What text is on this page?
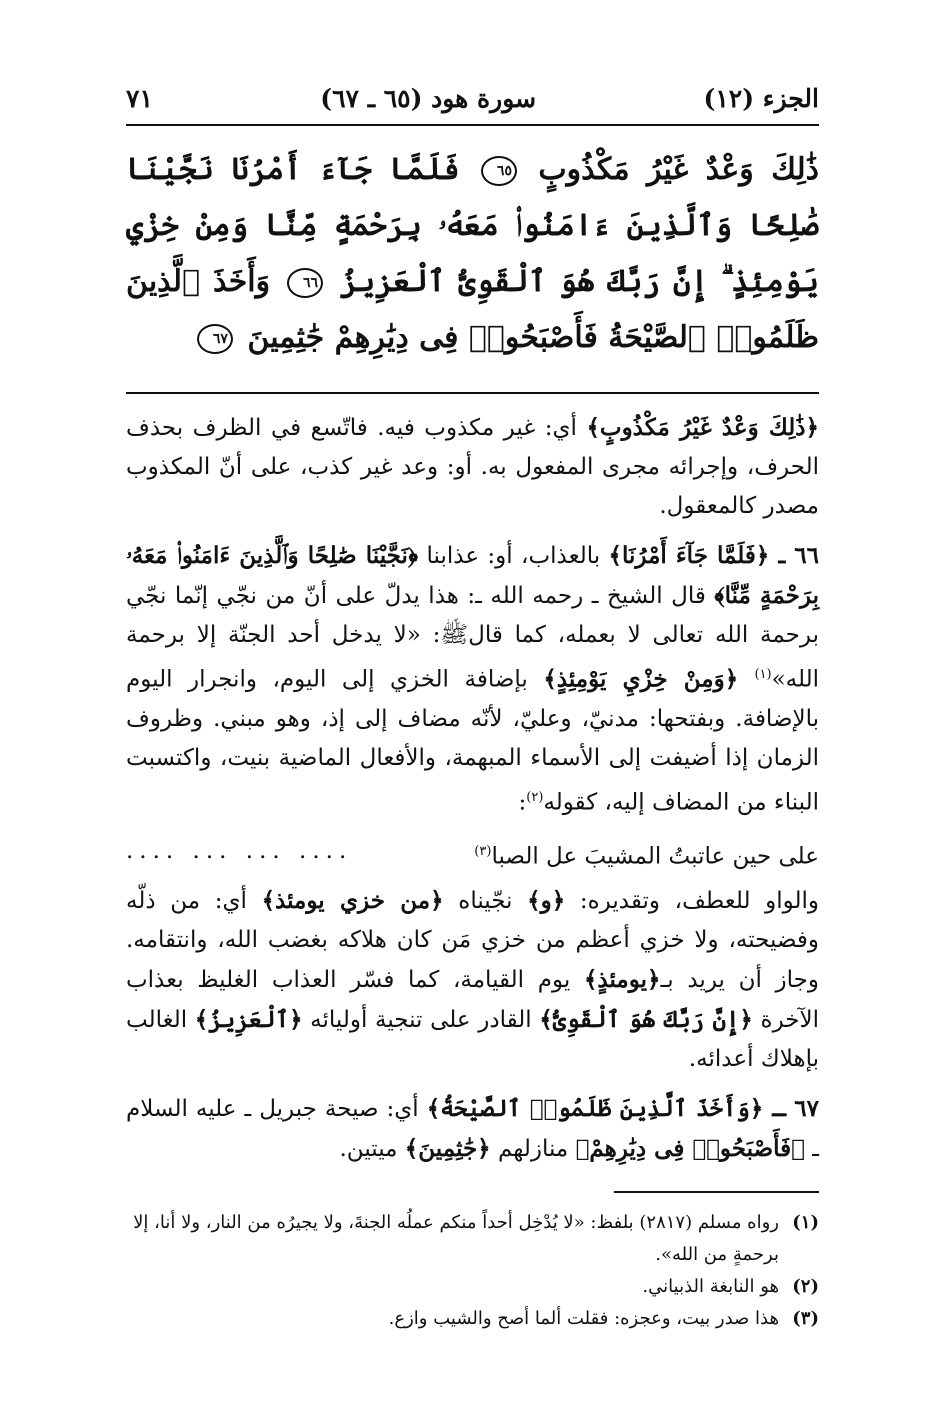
الجزء (١٢)
سورة هود (٦٥ ـ ٦٧)
٧١
ذَٰلِكَ وَعْدٌ غَيْرُ مَكْذُوبٍ ٦٥ فَلَمَّا جَآءَ أَمْرُنَا نَجَّيْنَا صَٰلِحًا وَٱلَّذِينَ ءَامَنُوا۟ مَعَهُۥ بِرَحْمَةٍ مِّنَّا وَمِنْ خِزْيِ يَوْمِئِذٍ ۗ إِنَّ رَبَّكَ هُوَ ٱلْقَوِىُّ ٱلْعَزِيزُ ٦٦ وَأَخَذَ ٱلَّذِينَ ظَلَمُوا۟ ٱلصَّيْحَةُ فَأَصْبَحُوا۟ فِى دِيَٰرِهِمْ جَٰثِمِينَ ٦٧

﴿ذَٰلِكَ وَعْدٌ غَيْرُ مَكْذُوبٍ﴾ أي: غير مكذوب فيه. فاتّسع في الظرف بحذف الحرف، وإجرائه مجرى المفعول به. أو: وعد غير كذب، على أنّ المكذوب مصدر كالمعقول.

٦٦ ـ ﴿فَلَمَّا جَآءَ أَمْرُنَا﴾ بالعذاب، أو: عذابنا ﴿نَجَّيْنَا صَٰلِحًا وَٱلَّذِينَ ءَامَنُوا۟ مَعَهُۥ بِرَحْمَةٍ مِّنَّا﴾ قال الشيخ ـ رحمه الله ـ: هذا يدلّ على أنّ من نجّي إنّما نجّي برحمة الله تعالى لا بعمله، كما قالﷺ: «لا يدخل أحد الجنّة إلا برحمة الله»$^{(١)}$ ﴿وَمِنْ خِزْيِ يَوْمِئِذٍ﴾ بإضافة الخزي إلى اليوم، وانجرار اليوم بالإضافة. وبفتحها: مدنيّ، وعليّ، لأنّه مضاف إلى إذ، وهو مبني. وظروف الزمان إذا أضيفت إلى الأسماء المبهمة، والأفعال الماضية بنيت، واكتسبت البناء من المضاف إليه، كقوله$^{(٢)}$:

على حين عاتبتُ المشيبَ عل الصبا$^{(٣)}$
.... ... ... ....

والواو للعطف، وتقديره: ﴿و﴾ نجّيناه ﴿من خزي يومئذ﴾ أي: من ذلّه وفضيحته، ولا خزي أعظم من خزي مَن كان هلاكه بغضب الله، وانتقامه. وجاز أن يريد بـ﴿يومئذٍ﴾ يوم القيامة، كما فسّر العذاب الغليظ بعذاب الآخرة ﴿إِنَّ رَبَّكَ هُوَ ٱلْقَوِىُّ﴾ القادر على تنجية أوليائه ﴿ٱلْعَزِيزُ﴾ الغالب بإهلاك أعدائه.

٦٧ ـ ﴿وَأَخَذَ ٱلَّذِينَ ظَلَمُوا۟ ٱلصَّيْحَةُ﴾ أي: صيحة جبريل ـ عليه السلام ـ ﴿فَأَصْبَحُوا۟ فِى دِيَٰرِهِمْ﴾ منازلهم ﴿جَٰثِمِينَ﴾ ميتين.

(١)
رواه مسلم (٢٨١٧) بلفظ: «لا يُدْخِل أحداً منكم عملُه الجنةَ، ولا يجيرُه من النار، ولا أنا، إلا برحمةٍ من الله».
(٢)
هو النابغة الذبياني.
(٣)
هذا صدر بيت، وعجزه: فقلت ألما أصح والشيب وازع.
